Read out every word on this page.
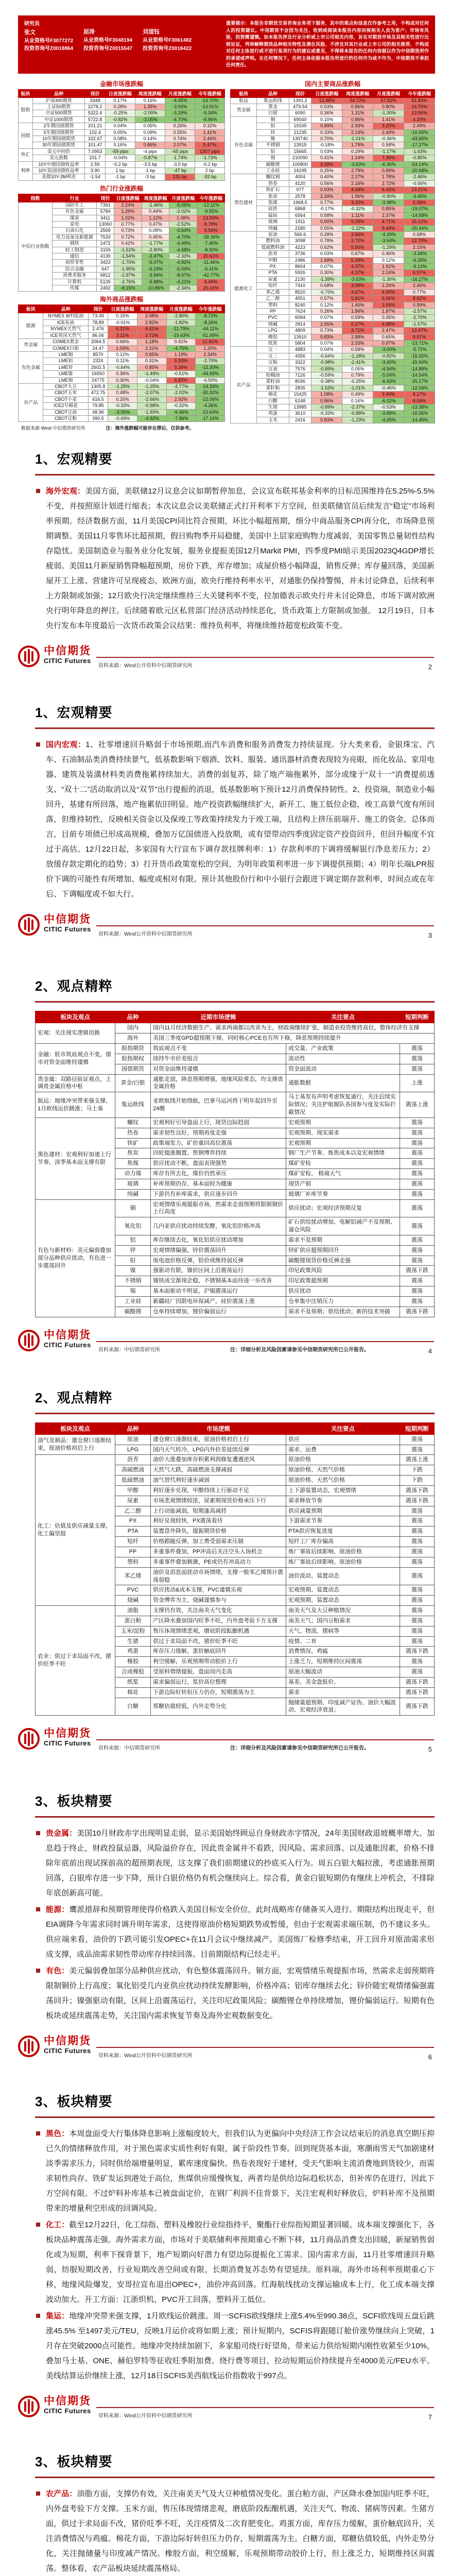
研究员
张文
从业资格号F3077272
投资咨询号Z0018864
屈涛
从业资格号F3048194
投资咨询号Z0015547
刘道钰
从业资格号F3061482
投资咨询号Z0016422
重要提示：本报告非期货交易咨询业务项下服务，其中的观点和信息仅作参考之用，不构成对任何人的投资建议。中信期货不会因为关注、收到或阅读本报告内容而视相关人员为客户；市场有风险，投资需谨慎。如本报告涉及行业分析或上市公司相关内容，旨在对期货市场及其相关性进行比较论证，列举解释期货品种相关特性及潜在风险，不涉及对其行业或上市公司的相关推荐，不构成对任何主体进行或不进行某项行为的建议或意见，不得将本报告的任何内容据以作为中信期货所作的承诺或声明。在任何情况下，任何主体依据本报告所进行的任何作为或不作为，中信期货不承担任何责任。
金融市场涨跌幅
板块	品种	现价	日度涨跌幅	周度涨跌幅	月度涨跌幅	今年涨跌幅
股指	沪深300期货	3348	0.17%	0.16%	-4.45%	-13.70%
	上证50期货	2278.2	0.28%	1.35%	-3.93%	-13.91%
	中证500期货	5322.4	-0.25%	-2.00%	-3.19%	-9.34%
	中证1000期货	5722.8	-0.82%	-3.05%	-4.70%	-8.96%
国债	2年期国债期货	101.21	0.04%	0.05%	0.26%	0.32%
	5年期国债期货	102.4	0.05%	0.09%	0.55%	1.41%
	10年期国债期货	102.67	0.08%	0.14%	0.74%	2.44%
	30年期国债期货	101.47	0.16%	0.86%	2.07%	5.47%
外汇	美元中间价	7.0953	-59 pips	-4 pips	-65 pips	1307 pips
	美元指数	101.7	-0.04%	-0.87%	-1.74%	-1.73%
利率	10Y中债国债收益率	2.59	-0.2 bp	-3.5 bp	-3.5 bp	-0.2 bp
	10Y美国国债收益率	3.90	1 bp	-1 bp	-47 bp	2 bp
	美债10Y-3M利差	-1.54	-1 bp	-3 bp	131 bp	-92 bp
热门行业涨跌幅
指数	行业	现价	日度涨跌幅	周度涨跌幅	月度涨跌幅	今年涨跌幅
中信行业指数	国防军工	7391	2.24%	-1.46%	-5.09%	-12.11%
	有色金属	5784	1.29%	0.44%	-2.02%	-9.55%
	煤炭	3411	1.02%	1.12%	1.08%	13.93%
	家电	13060	0.77%	0.47%	-2.52%	6.78%
	石油石化	2569	0.73%	0.08%	-3.64%	5.56%
	电力设备及新能源	7533	0.72%	0.45%	-4.70%	-28.36%
	钢铁	1472	0.42%	-1.77%	-4.49%	-7.46%
	轻工制造	3159	-1.51%	-2.80%	-4.68%	-8.90%
	通信	4139	-1.54%	-3.47%	-2.33%	20.61%
	商贸零售	3423	-1.70%	-5.07%	-4.82%	-11.46%
	综合金融	647	-1.95%	-6.19%	-5.09%	-6.41%
	消费者服务	6812	-1.97%	-3.94%	-8.07%	-42.77%
	计算机	5139	-2.76%	-5.88%	-4.21%	6.49%
	传媒	2492	-8.15%	-10.86%	-2.34%	20.10%
海外商品涨跌幅
板块	品种	现价	日度涨跌幅	周度涨跌幅	月度涨跌幅	今年涨跌幅
能源	NYMEX WTI原油	73.49	0.15%	2.98%	-2.80%	-8.72%
	ICE布油	78.89	-0.01%	2.82%	-1.82%	-8.26%
	NYMEX天然气	2.476	6.31%	4.41%	-11.79%	-44.11%
	ICE英国天然气	86.06	3.11%	3.72%	-19.43%	-51.99%
贵金属	COMEX黄金	2064.5	0.66%	1.18%	0.41%	12.81%
	COMEX白银	24.47	1.04%	2.21%	-4.75%	1.20%
有色金属	LME铜	8570	0.12%	0.95%	1.19%	2.34%
	LME铝	2324	0.11%	0.31%	5.93%	-2.70%
	LME锌	2602.5	-0.64%	0.85%	5.26%	-12.30%
	LME镍	16550	0.36%	-1.49%	-0.51%	-44.69%
	LME锡	24775	0.30%	-0.04%	6.83%	-0.50%
农产品	CBOT大豆	1305.8	-1.25%	-1.25%	-2.77%	-14.33%
	CBOT玉米	472.75	0.48%	-2.07%	-2.02%	-30.32%
	CBOT小麦	616.5	0.25%	-2.66%	2.92%	-22.06%
	ICE2号棉花	79.85	-0.33%	-0.98%	-0.32%	-4.26%
	CBOT豆油	48.96	-3.05%	-1.93%	-6.46%	-23.64%
	CBOT豆粕	390.5	-0.69%	-4.92%	-7.86%	-17.16%
数据来源 Wind 中信期货研究所	注：海外涨跌幅可能存在滞后，仅供参考。
国内主要商品涨跌幅
板块	品种	现价	日度涨跌幅	周度涨跌幅	月度涨跌幅	今年涨跌幅
航运	集运欧线	1391.2	12.48%	54.72%	67.82%	51.83%
贵金属	黄金	479.54	0.53%	0.86%	0.80%	16.76%
	白银	6090	0.36%	1.31%	-1.30%	13.56%
有色金属	铜	69040	0.10%	0.86%	1.41%	4.20%
	铝	19165	0.89%	2.93%	3.20%	2.49%
	锌	21235	0.33%	2.14%	2.49%	-10.65%
	镍	130740	0.70%	-1.01%	-0.36%	-43.65%
	不锈钢	13915	-0.18%	1.79%	0.58%	-17.27%
	铅	15665	0.03%	0.29%	-1.17%	-1.63%
	锡	210090	0.41%	1.14%	7.35%	-0.85%
	碳酸锂	100800	3.28%	-3.63%	-6.36%	-53.14%
	工业硅	14195	0.25%	2.79%	0.89%	-20.68%
黑色建材	螺纹钢	4004	0.40%	2.27%	1.78%	-2.46%
	热卷	4120	0.56%	2.16%	2.72%	-0.56%
	铁矿石	977	0.93%	4.49%	6.43%	13.21%
	焦炭	2578	2.34%	1.96%	-0.90%	-3.45%
	焦煤	1968.5	0.77%	3.20%	-3.98%	5.58%
	硅铁	6868	-0.17%	-0.32%	0.85%	-19.07%
	锰硅	6564	0.58%	1.11%	2.37%	-14.58%
	玻璃	1911	0.90%	5.29%	4.71%	15.12%
	纯碱	2180	0.55%	-1.22%	9.44%	-20.44%
能源化工	原油	566.6	0.28%	3.66%	-4.29%	0.68%
	燃料油	3098	0.78%	3.72%	-3.64%	12.70%
	低硫燃料油	4223	0.62%	5.50%	-1.29%	2.15%
	沥青	3736	0.03%	0.67%	0.46%	-3.34%
	甲醇	2486	1.68%	5.29%	0.12%	-6.29%
	PX	8604	0.07%	4.37%	1.92%	-9.13%
	PTA	5926	0.30%	4.37%	2.24%	6.97%
	尿素	2130	-1.39%	-3.53%	-1.30%	-16.27%
	短纤	7410	0.68%	3.99%	2.26%	2.46%
	苯乙烯	8520	-0.75%	4.67%	4.90%	0.77%
	乙二醇	4551	0.57%	5.81%	6.66%	8.62%
	塑料	8240	0.12%	1.40%	3.09%	0.99%
	PP	7624	0.26%	1.84%	1.87%	-2.57%
	PVC	6094	0.07%	0.59%	0.35%	-2.70%
	烧碱	2814	2.55%	5.27%	4.88%	-1.57%
	LPG	4809	0.73%	3.71%	2.47%	13.47%
	橡胶	13910	0.83%	2.88%	0.65%	9.57%
	纸浆	5804	0.07%	2.33%	0.97%	-13.71%
农产品	豆一	4883	0.04%	0.58%	-3.00%	-5.72%
	豆二	4356	-0.64%	-1.18%	-0.82%	-15.92%
	豆粕	3322	-0.98%	-2.41%	-3.40%	-15.60%
	豆油	7576	-0.89%	0.05%	-4.94%	-14.88%
	棕榈油	7126	-0.59%	0.79%	-5.04%	-14.54%
	菜籽油	8036	-0.38%	-0.25%	-6.43%	-25.17%
	菜籽粕	2835	-1.53%	-1.01%	-0.46%	-12.04%
	棉花	15425	1.08%	0.49%	3.49%	8.17%
	白糖	6248	0.86%	0.16%	-6.02%	8.04%
	生猪	13985	-0.89%	-2.37%	-0.53%	-13.38%
	鸡蛋	3610	-0.33%	-0.88%	-3.89%	-16.55%
	玉米	2416	0.83%	-1.23%	-4.05%	-14.45%
1、宏观精要
海外宏观：美国方面，美联储12月议息会议如期暂停加息，会议宣布联邦基金利率的目标范围维持在5.25%-5.5%不变，并按照原计划进行缩表；本次议息会议美联储正式打开利率下方空间，但美联储官员后续发言“稳定”市场利率预期。经济数据方面，11月美国CPI同比符合预期，环比小幅超预期，细分中商品服务CPI再分化，市场降息预期调整。美国11月零售环比超预期，假日购物季开局稳健，美国中上层家庭购物力度减弱，美国零售总量韧性结构存隐忧。美国制造业与服务业分化发展，服务业提振美国12月Markit PMI，四季度PMI暗示美国2023Q4GDP增长疲弱。美国11月新屋销售降幅超预期，房价下跌，库存增加；成屋价格小幅降温，销售反弹；库存量回落，美国新屋开工上涨、营建许可呈现疲态。欧洲方面，欧央行维持利率水平，对通胀仍保持警惕，并未讨论降息，后续利率上方限制或加强；12月欧央行决定继续维持三大关键利率不变，拉加德表示欧央行并未讨论降息，市场下调对欧洲央行明年降息的押注。后续随着欧元区私营部门经济活动持续恶化，货币政策上方限制或加强。 12月19日，日本央行发布本年度最后一次货币政策会议结果：维持负利率，将继续维持超宽松政策不变。
中信期货
CITIC Futures
资料来源：Wind公开资料中信期货研究所	2
1、宏观精要
国内宏观：1、社零增速回升略弱于市场预期,而汽车消费和服务消费发力持续显现。分大类来看，金银珠宝、汽车、石油制品类消费持续景气，低基数影响下烟酒、饮料、服装、通讯器材消费表现较为亮眼，而化妆品、家用电器、建筑及装潢材料类消费拖累持续加大。消费的弱复苏，除了地产端拖累外，部分或缘于“双十一”消费提前透支、“双十二”活动取消以及“双节”出行提振的消退，低基数影响下预计12月消费保持韧性。2、投资端，制造业小幅回升，基建有所回落，地产拖累依旧明显。地产投资跌幅继续扩大，新开工、施工低位企稳，竣工高景气度有所回落，但维持韧性，反映相关资金以及保竣工等政策持续发力于竣工端，且结构上挤压前端开、施工的资金。总体而言，目前专项债已形成高规模，叠加万亿国债进入投放期，或有望带动四季度固定资产投资回升，但回升幅度不宜过于高估。12月22日起，多家国有大行宣布下调存款挂牌利率：1）存款利率的下调将缓解银行净息差压力；2）放缓存款定期化的趋势；3）打开货币政策宽松的空间，为明年政策利率进一步下调提供预期；4）明年长端LPR报价下调的可能性有所增加、幅度或相对有限。预计其他股份行和中小银行会跟进下调定期存款利率，时间点或在年后、下调幅度或不如大行。
中信期货
CITIC Futures
资料来源：Wind公开资料中信期货研究所	3
2、观点精粹
板块及观点	品种	近期市场逻辑	关注要点	短期判断
宏观：关注现实逻辑切换	国内	国内11月经济数据生产、需求两端都以改善为主，财政端继续扩张，制造业投资维持高位，整体经济有支撑		
	海外	美国三季度GPD超预期下修，同时核心PCE也有所下修，降息预期持续提升		
金融：股市筑底观点不变，债市对资金面维持谨慎	股指期货	筑底观点不变	成交量、产业政策	震荡
	股指期权	续持牛市价差组合	流动性	震荡
	国债期货	对资金面维持谨慎	资金面波动	震荡
贵金属：双路径验证观点，上调贵金属价格中枢	黄金/白银	通胀走弱，降息预期增强，地缘风险常态，均支撑贵金属价格	通胀数据	上涨
航运：地缘冲突带来强支撑，1月欧线运价跳涨；马士基	集运欧线	亚欧航线开始绕航，巴拿马运河将于明年起回升至24艘	马士基发布声明考虑恢复通行，关注后续实际情况；关注护航舰队各国参与度及实际拦截情况	震荡上涨
黑色建材：宏观利好加速上行节奏，淡季基本面支撑有限	螺纹	宏观利好引导盘面上行，现货边际趋弱	宏观预期	震荡
	热卷	需求韧性良好，预期再度走强	宏观预期、现实需求	震荡
	铁矿	政策端发力，矿价重回高位震荡	宏观预期	震荡
	焦炭	四轮提涨搁置，焦钢博弈持续	钢厂生产节奏、炼焦成本以及宏观情绪	震荡
	焦煤	供应扰动不断，盘面表现强势	煤矿安检	震荡
	动力煤	库存有所去化，煤价仍然承压	煤矿安检、 极端天气	震荡
	玻璃	补库预期仍存，基本面较为健康	现货产销	震荡
	纯碱	下游仍有补库需求，供应逐步回升	玻璃厂补库节奏	震荡
有色与新材料：美元偏弱叠加部分品种供应扰动，有色进一步震荡回升	铜	宏观情绪乐观提振市场，然需求走弱预期将限制铜价上行高度	供应扰动；宏观经济预期反复	震荡
	氧化铝	几内亚供应扰动持续发酵，氧化铝价格冲高	矿石供给扰动增加、电解铝减产不及预期、逼仓风险	震荡
	铝	库存继续去化，氧化铝供应扰动增加	需求不及预期	震荡
	锌	宏观情绪偏强，锌价震荡回升	锌矿供应超预期回升	震荡
	铅	废电池价格反弹，铅价或维持弱反弹	碳酸锂现货价格反弹走强	震荡
	镍	强驱动有限，镍价区间上沿震荡运行	印尼政策风险	震荡下跌
	不锈钢	镍铁成交渐现企稳，不锈钢基本面待进一步改善	印尼政策超预期	震荡
	锡	基本面驱动不明显，沪锡震荡运行	供应扰动	震荡
	工业硅	新疆硅厂因限电环保减产，硅价震荡上涨	仓单集中注销压力	震荡
	碳酸锂	仓单持续增加，锂价偏弱运行	需求不及预期；供给扰动；新的技术突破	震荡下跌
中信期货
CITIC Futures
资料来源：中信期货研究所	注：详细分析及风险因素请参见中信期货研究所已公开报告。	4
2、观点精粹
板块及观点	品种	市场逻辑	关注要点	短期判断
油气及制品：建仓窗口逐渐结束，原油价格初启上行	原油	建仓窗口逐渐结束，原油价格初启上行	供应	震荡
	LPG	国内天气转冷，LPG内外价差延续反弹	需求、运费	震荡
化工：估值及供应减量支撑，化工偏坚挺	沥青	油价大涨叠加库存积累利润修复遭遇逆风	原油价格	震荡上涨
	高硫燃油	天然气大跌，高硫燃油支撑减弱	原油价格、天然气价格	下跌
	低硫燃油	油气替代利好逐步减弱	原油价格、天然气价格	下跌
	甲醇	利好逐步兑现，甲醇持续上行驱动不足	上下游装置动态，宏观情绪	震荡下跌
	尿素	市场悲观情绪较浓，尿素期现货价格承压下行	需求释放节奏	震荡下跌
	乙二醇	上行动能减弱，短期逢高减持	供应减量预期	震荡
	PX	利好兑现较快，PX震荡看待	下游需求节奏	震荡
	PTA	装置意外降负，提振期货价格	PTA供应恢复进度	震荡
	短纤	价格跟随反弹，加工费受弱需求压制	短纤工厂库存偏高	震荡
	PP	多重事件叠加，PP冲高后关注空头入场机会	炼厂事故后续影响、原油价格	震荡
	塑料	多重事件叠加刺激，PE或仍有冲高动力	炼厂事故后续影响、原油价格	震荡
	苯乙烯	油价及消息面扰动市场情绪，支撑一般苯乙烯预计震荡弱稳	油价波动、装置动态	震荡
	PVC	供应扰动&成本支撑，PVC谨慎乐观	宏观预期、装置动态	震荡
	烧碱	资金博弈为主，烧碱谨慎参与	宏观预期、装置动态	震荡
农业：供过于求局面不改，猪价旺季不旺	油脂	支撑仍有效，关注南美天气变化	南美天气及大豆种植情况	震荡
	蛋白粕	产区降水叠加国内旺季不旺，内外盘考验下方支撑	南美天气；国内豆粕需求	震荡
	玉米/淀粉	售压体现情绪悲观，磨底阶段酝酿机遇	天气、物流、猪病等	震荡
	生猪	供过于求局面不改，猪价旺季不旺	疫情、二育	震荡
	鸡蛋	库存压力缓解，蛋价触底回升	消费情况、鸡瘟	震荡下跌
	橡胶	利空缓解，乐观预期带动胶价上行	上涨乏力，短期维持区间震荡	震荡
	合成橡胶	受原料情绪提振，盘面周内走高	原油大幅波动	震荡
	纸浆	需求偏弱运行，浆价高位整理	基差、美金盘报价。	震荡下跌
	棉花	下游边际好转但压力仍存，短期震荡为主	需求	震荡下跌
	白糖	郑糖估值较低，内外走势分化	抛储量超预期、印度减产证伪、油价大幅波动、宏观经济衰退；	震荡下跌
中信期货
CITIC Futures
资料来源：中信期货研究所	注：详细分析及风险因素请参见中信期货研究所已公开报告。	5
3、板块精要
贵金属：美国10月财政赤字出现明显走弱，显示美国始终顾忌自身财政赤字情况，24年美国财政退坡概率增大。加息趋于终止，财政投鼠忌器，风险溢价存在，因此贵金属并不看跌，因风险、需求回落、以及通胀因素，价格不排除年底前出现试探前高的超预期表现，这支撑了我们前期建议的抄底买入行为。周五白银大幅拉涨，考虑通胀预期回落，白银库存进一步下降，预计白银价格仍有机会继续向上。综合看，黄金白银短期仍有继续上冲机会，不排除年底创新高可能。
能源：鹰派措辞和预期管理使得价格跌入美国目标安全价位，此时战略库存储备买入进行。期限结构出现走平，但EIA调降今年需求同时调升明年需求，这使得原油价格短期跌势或暂缓，但由于宏观需求端压制，仍不建议多头。供应端来看，油价的下跌可能引发OPEC+在11月会议中继续减产。美国炼厂检修季结束，开工回升对原油需求形成支撑，成品油需求韧性带动库存持续回落。目前期限结构已经走平。
有色：美元偏弱叠加部分品种供应扰动，有色整体震荡回升。铜方面，宏观情绪乐观提振市场，然需求走弱预期将限制铜价上行高度；氧化铝受几内亚供应扰动持续发酵影响，价格冲高；铝库存继续去化；锌价随宏观情绪偏强震荡回升；镍强驱动有限，区间上沿震荡运行，关注印尼政策风险；碳酸锂仓单持续增加，锂价偏弱运行。短期有色板块或延续震荡走势，关注国内需求恢复节奏及海外宏观数据变化。
中信期货
CITIC Futures
资料来源：Wind公开资料中信期货研究所	6
3、板块精要
黑色：本周盘面受大行集体降息影响上涨幅度较大，但我们认为更偏向中央经济工作会议结束后的消息真空期压抑已久的情绪释放作用，对于黑色需求实质性利好有限，属于阶段性节奏。回到现货基本面，寒潮雨雪天气加剧建材淡季需求压力，同时供给端增量明显，累库速度偏快。热卷表现好于建材，受天气影响主流消费地到货较少，而需求韧性尚存。铁矿发运到港处于高位，焦煤供应缓慢恢复，两者均是供给边际趋松状态，但补库仍在进行，因此下方空间有限。不过炉料补库基本已被盘面定价，在钢厂利润不佳背景下，关注宏观利好释放后，炉料补库不及预期带来的增量利空形成的回调风险。
化工：截至12月22日，化工综指、塑料及橡胶行业综指持平，聚酯行业综指短期显著回暖。成本端支撑强化下，各板块品种震荡走强。海外需求方面，市场对于美联储利率预期重心不断下移，11月商品消费支出回暖，新屋销售弱化或为短期，利率下探背景下，地产短期向好潜力有望边际提振化工需求。国内需求方面，11月社零增速回升略弱，纺服短期改善，行业短期改善空间或有限，长期消费复苏态势有望延续。原料端，海外市场利率预期重心下移，地缘风险爆发，安哥拉宣布退出OPEC+，油价冲高回落。红海航线扰动支撑运输成本上行，化工成本端支撑波动加大。开工方面：江浙织机、PVC开工回落，塑料开工低位。
集运：地缘冲突带来强支撑，1月欧线运价跳涨。周一SCFIS欧线继续上涨5.4%至990.38点，SCFI欧线周五盘后跳涨45.5% 至1497美元/TEU，反映1月运价或将如期上涨；预计短期内，SCFIS将跟随订舱价涨势继续向上突破，1月存在突破2000点可能性。地缘冲突持续加剧下，多家船司绕行好望角，带来运力供给短期内刚性收紧至少10%，叠加马士基、ONE、赫伯罗特等征收旺季附加费、绕行费等项目，拉动短期运价持续提升至4000美元/FEU水平。美线结算运价继续上涨，12月18日SCFIS美西航线运价指数收于997点。
中信期货
CITIC Futures
资料来源：Wind公开资料中信期货研究所	7
3、板块精要
农产品：油脂方面，支撑仍有效，关注南美天气及大豆种植情况变化。蛋白粕方面，产区降水叠加国内旺季不旺，内外盘考验下方支撑。玉米方面，售压体现情绪悲观，磨底阶段酝酿机遇，关注天气、物流、猪病等因素。生猪方面，供过于求局面不改，猪价旺季不旺，关注疫情及二次育肥变化。鸡蛋方面，库存压力缓解，蛋价触底回升，关注消费情况与鸡瘟。棉花方面，下游边际好转但压力仍存，短期震荡为主。白糖方面，郑糖估值较低，内外走势分化，关注抛储量与印度减产情况。橡胶方面，利空缓解，乐观预期带动胶价上行，但上涨乏力，短期维持区间震荡。整体看，农产品板块延续震荡格局。
